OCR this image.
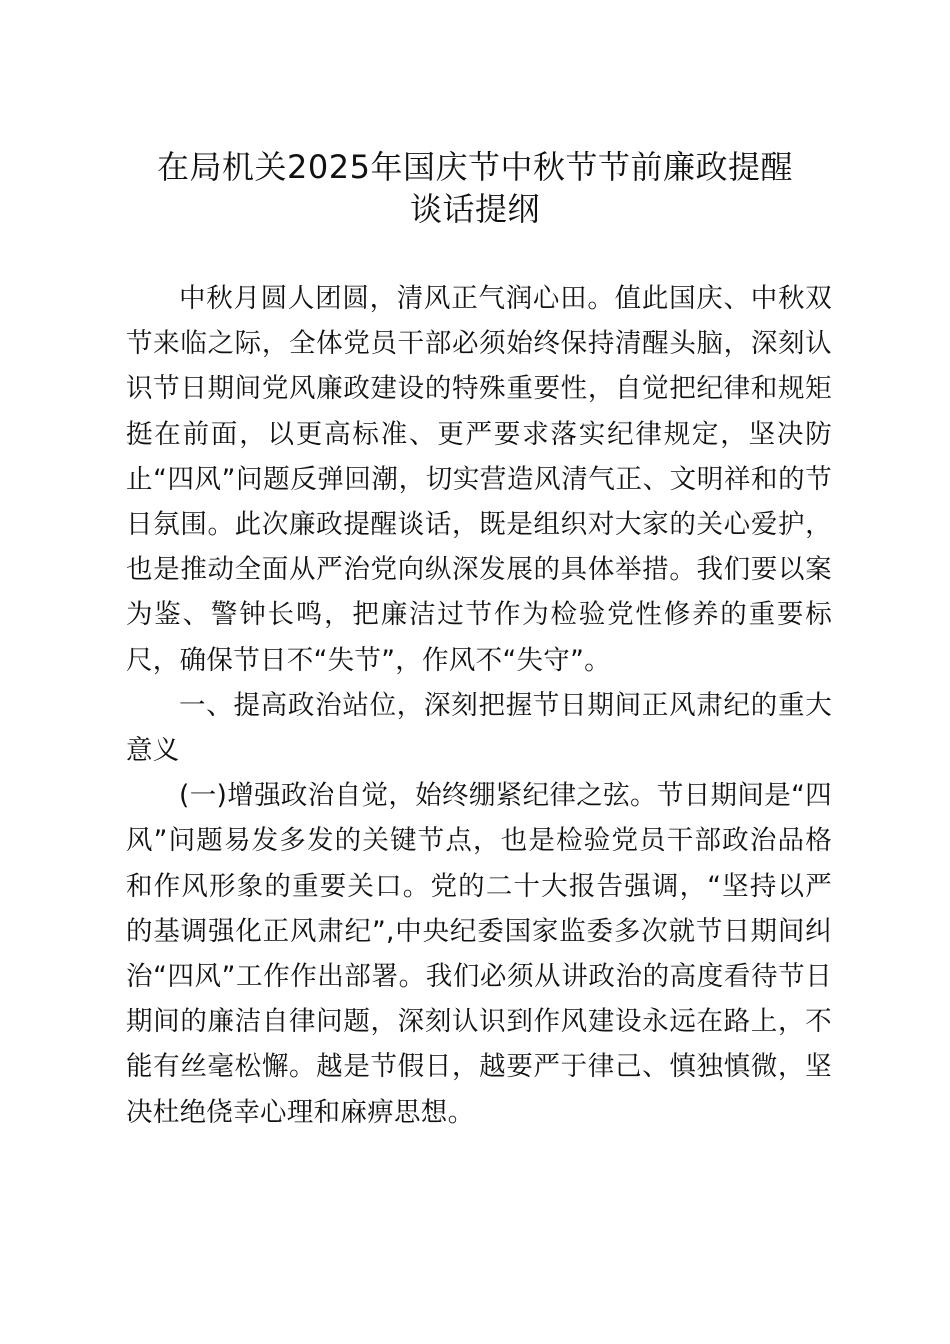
在局机关2025年国庆节中秋节节前廉政提醒
谈话提纲

中秋月圆人团圆，清风正气润心田。值此国庆、中秋双节来临之际，全体党员干部必须始终保持清醒头脑，深刻认识节日期间党风廉政建设的特殊重要性，自觉把纪律和规矩挺在前面，以更高标准、更严要求落实纪律规定，坚决防止“四风”问题反弹回潮，切实营造风清气正、文明祥和的节日氛围。此次廉政提醒谈话，既是组织对大家的关心爱护，也是推动全面从严治党向纵深发展的具体举措。我们要以案为鉴、警钟长鸣，把廉洁过节作为检验党性修养的重要标尺，确保节日不“失节”，作风不“失守”。

一、提高政治站位，深刻把握节日期间正风肃纪的重大意义

(一)增强政治自觉，始终绷紧纪律之弦。节日期间是“四风”问题易发多发的关键节点，也是检验党员干部政治品格和作风形象的重要关口。党的二十大报告强调，“坚持以严的基调强化正风肃纪”,中央纪委国家监委多次就节日期间纠治“四风”工作作出部署。我们必须从讲政治的高度看待节日期间的廉洁自律问题，深刻认识到作风建设永远在路上，不能有丝毫松懈。越是节假日，越要严于律己、慎独慎微，坚决杜绝侥幸心理和麻痹思想。
